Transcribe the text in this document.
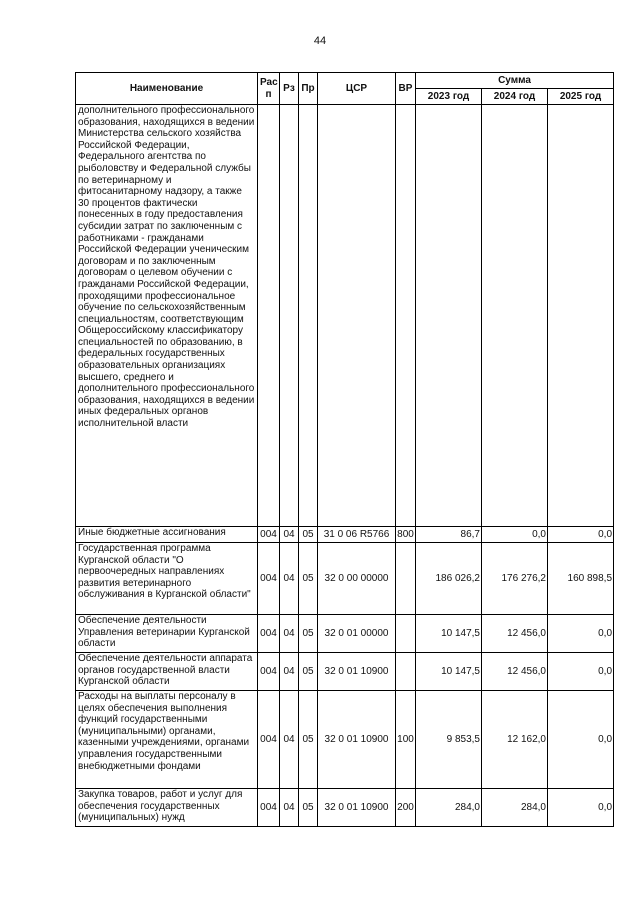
44
Наименование	Рас п	Рз	Пр	ЦСР	ВР	Сумма		
						2023 год	2024 год	2025 год
дополнительного профессионального образования, находящихся в ведении Министерства сельского хозяйства Российской Федерации, Федерального агентства по рыболовству и Федеральной службы по ветеринарному и фитосанитарному надзору, а также 30 процентов фактически понесенных в году предоставления субсидии затрат по заключенным с работниками - гражданами Российской Федерации ученическим договорам и по заключенным договорам о целевом обучении с гражданами Российской Федерации, проходящими профессиональное обучение по сельскохозяйственным специальностям, соответствующим Общероссийскому классификатору специальностей по образованию, в федеральных государственных образовательных организациях высшего, среднего и дополнительного профессионального образования, находящихся в ведении иных федеральных органов исполнительной власти								
Иные бюджетные ассигнования	004	04	05	31 0 06 R5766	800	86,7	0,0	0,0
Государственная программа Курганской области "О первоочередных направлениях развития ветеринарного обслуживания в Курганской области"	004	04	05	32 0 00 00000		186 026,2	176 276,2	160 898,5
Обеспечение деятельности Управления ветеринарии Курганской области	004	04	05	32 0 01 00000		10 147,5	12 456,0	0,0
Обеспечение деятельности аппарата органов государственной власти Курганской области	004	04	05	32 0 01 10900		10 147,5	12 456,0	0,0
Расходы на выплаты персоналу в целях обеспечения выполнения функций государственными (муниципальными) органами, казенными учреждениями, органами управления государственными внебюджетными фондами	004	04	05	32 0 01 10900	100	9 853,5	12 162,0	0,0
Закупка товаров, работ и услуг для обеспечения государственных (муниципальных) нужд	004	04	05	32 0 01 10900	200	284,0	284,0	0,0
